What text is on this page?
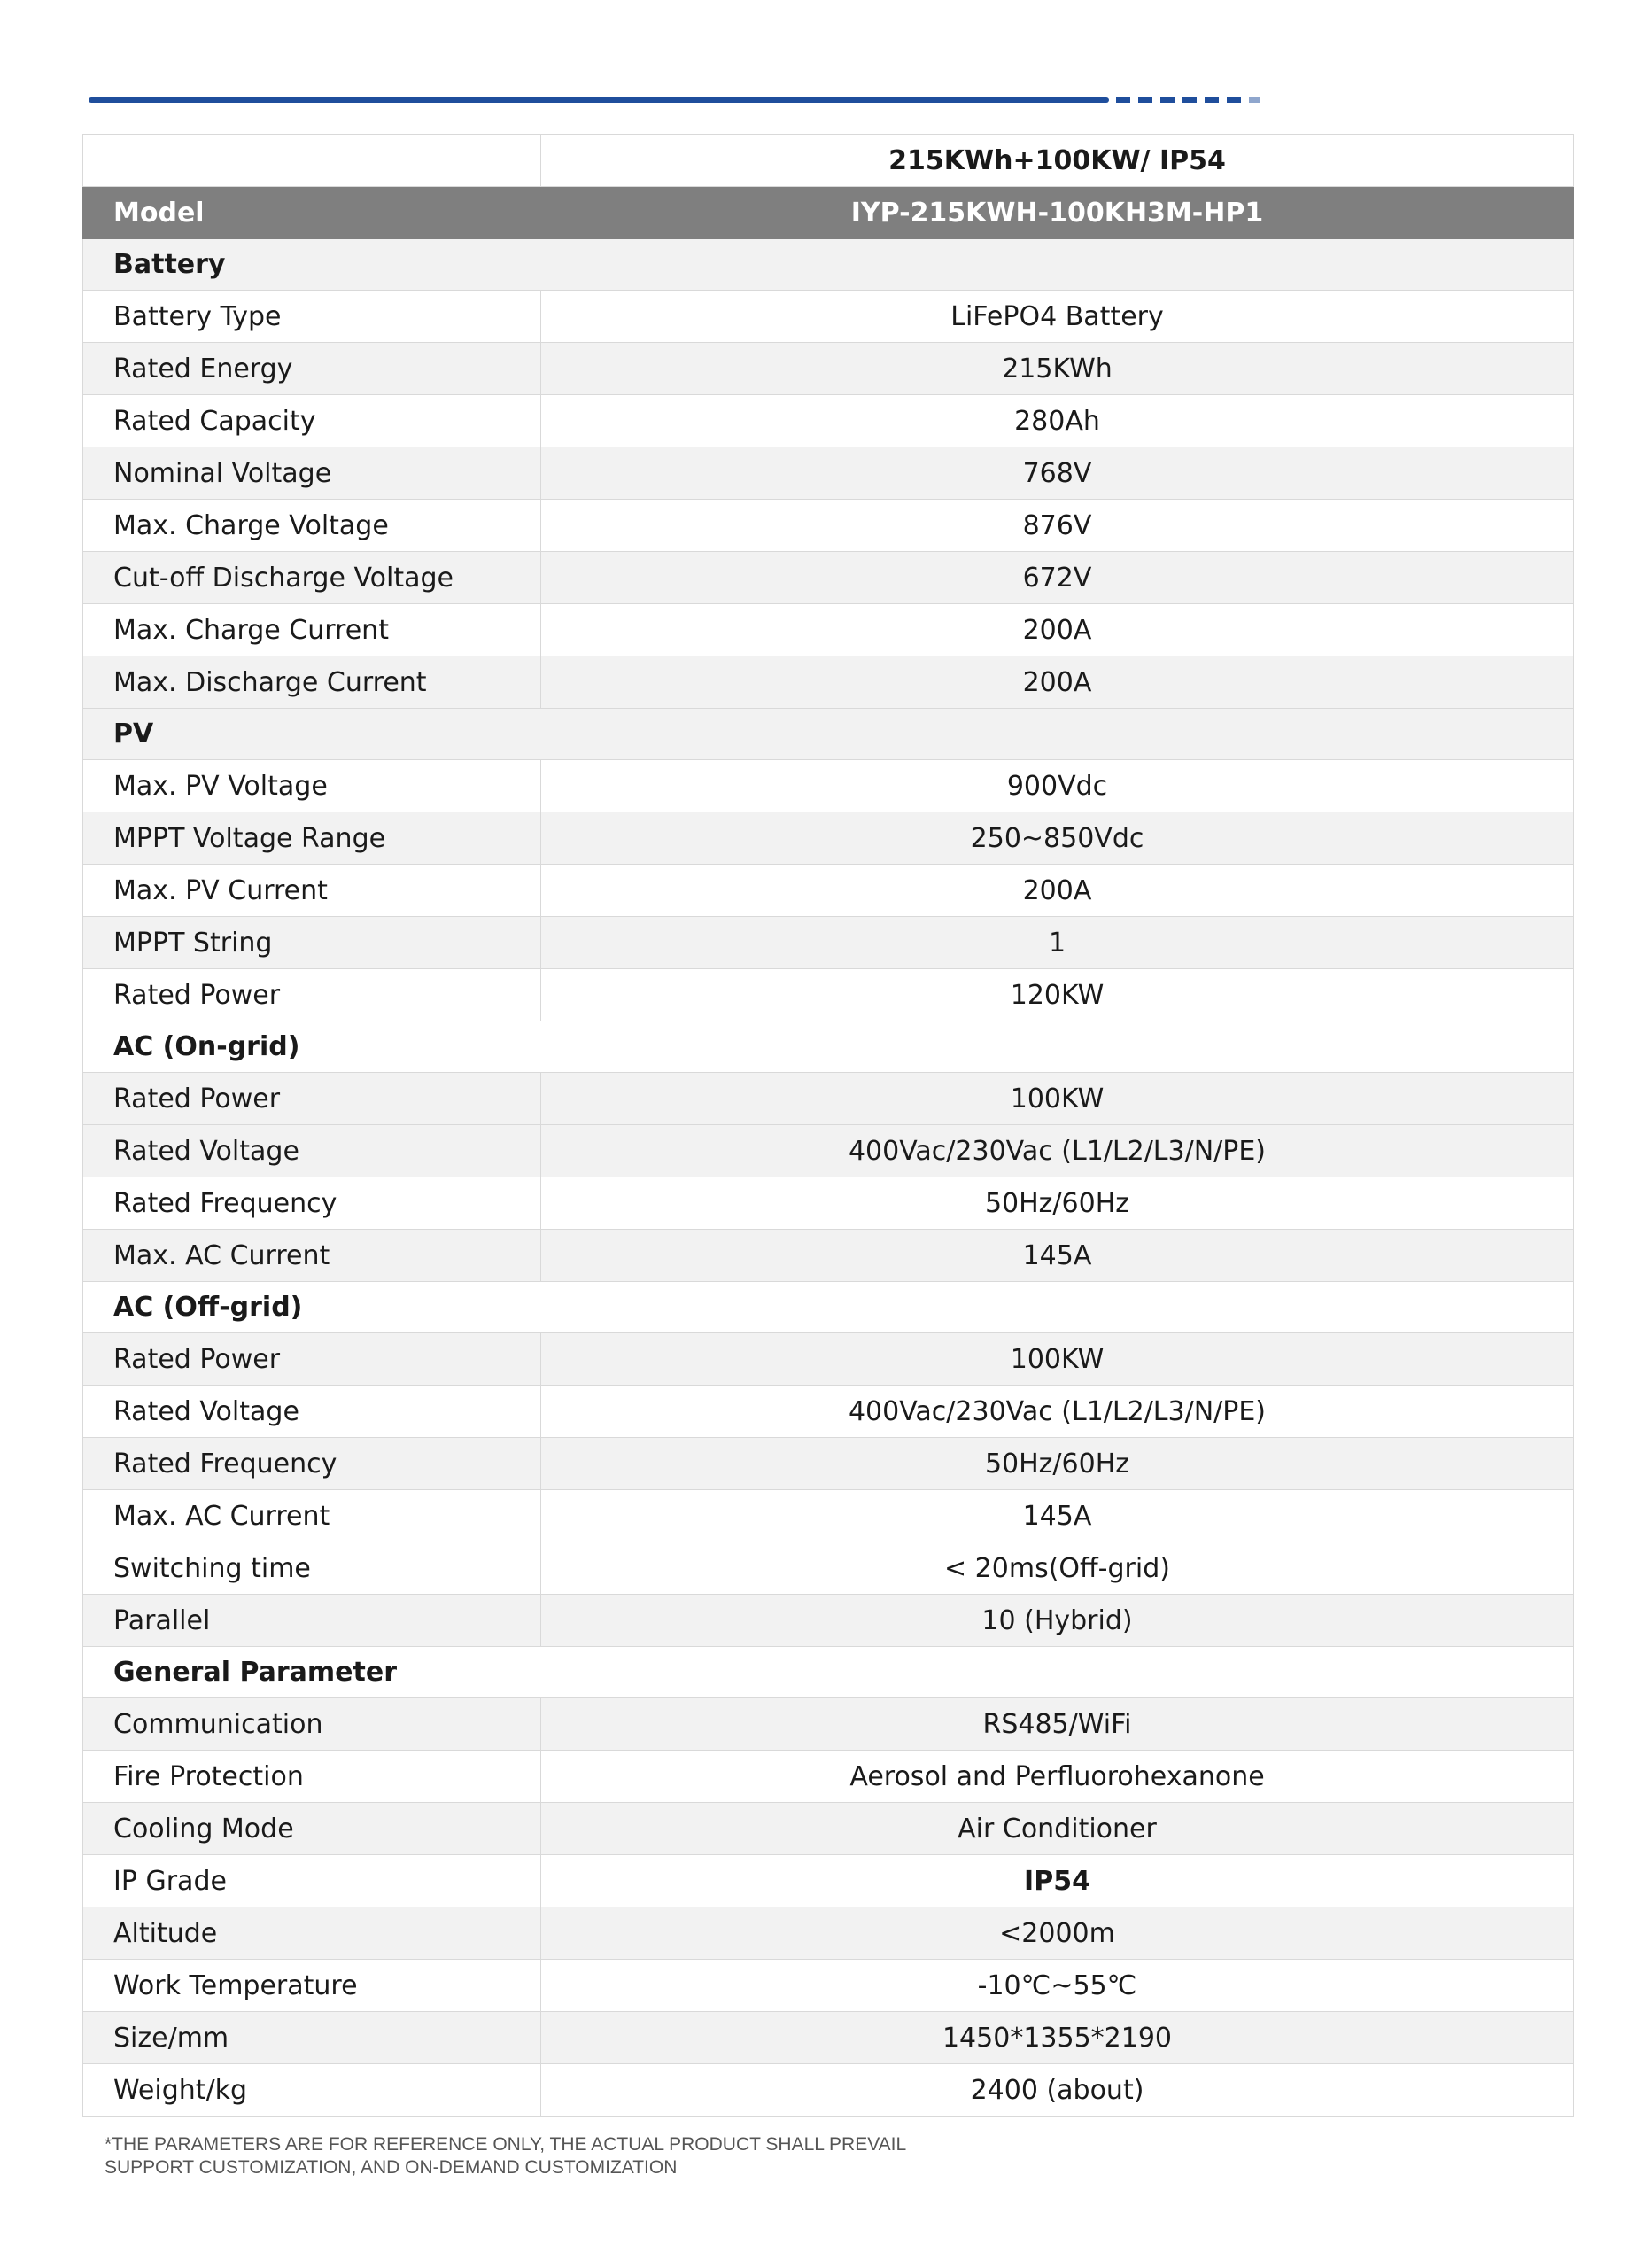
	215KWh+100KW/ IP54
Model	IYP-215KWH-100KH3M-HP1
Battery	
Battery Type	LiFePO4 Battery
Rated Energy	215KWh
Rated Capacity	280Ah
Nominal Voltage	768V
Max. Charge Voltage	876V
Cut-off Discharge Voltage	672V
Max. Charge Current	200A
Max. Discharge Current	200A
PV	
Max. PV Voltage	900Vdc
MPPT Voltage Range	250~850Vdc
Max. PV Current	200A
MPPT String	1
Rated Power	120KW
AC (On-grid)	
Rated Power	100KW
Rated Voltage	400Vac/230Vac (L1/L2/L3/N/PE)
Rated Frequency	50Hz/60Hz
Max. AC Current	145A
AC (Off-grid)	
Rated Power	100KW
Rated Voltage	400Vac/230Vac (L1/L2/L3/N/PE)
Rated Frequency	50Hz/60Hz
Max. AC Current	145A
Switching time	< 20ms(Off-grid)
Parallel	10 (Hybrid)
General Parameter	
Communication	RS485/WiFi
Fire Protection	Aerosol and Perfluorohexanone
Cooling Mode	Air Conditioner
IP Grade	IP54
Altitude	<2000m
Work Temperature	-10℃~55℃
Size/mm	1450*1355*2190
Weight/kg	2400 (about)
*THE PARAMETERS ARE FOR REFERENCE ONLY, THE ACTUAL PRODUCT SHALL PREVAIL
SUPPORT CUSTOMIZATION, AND ON-DEMAND CUSTOMIZATION
